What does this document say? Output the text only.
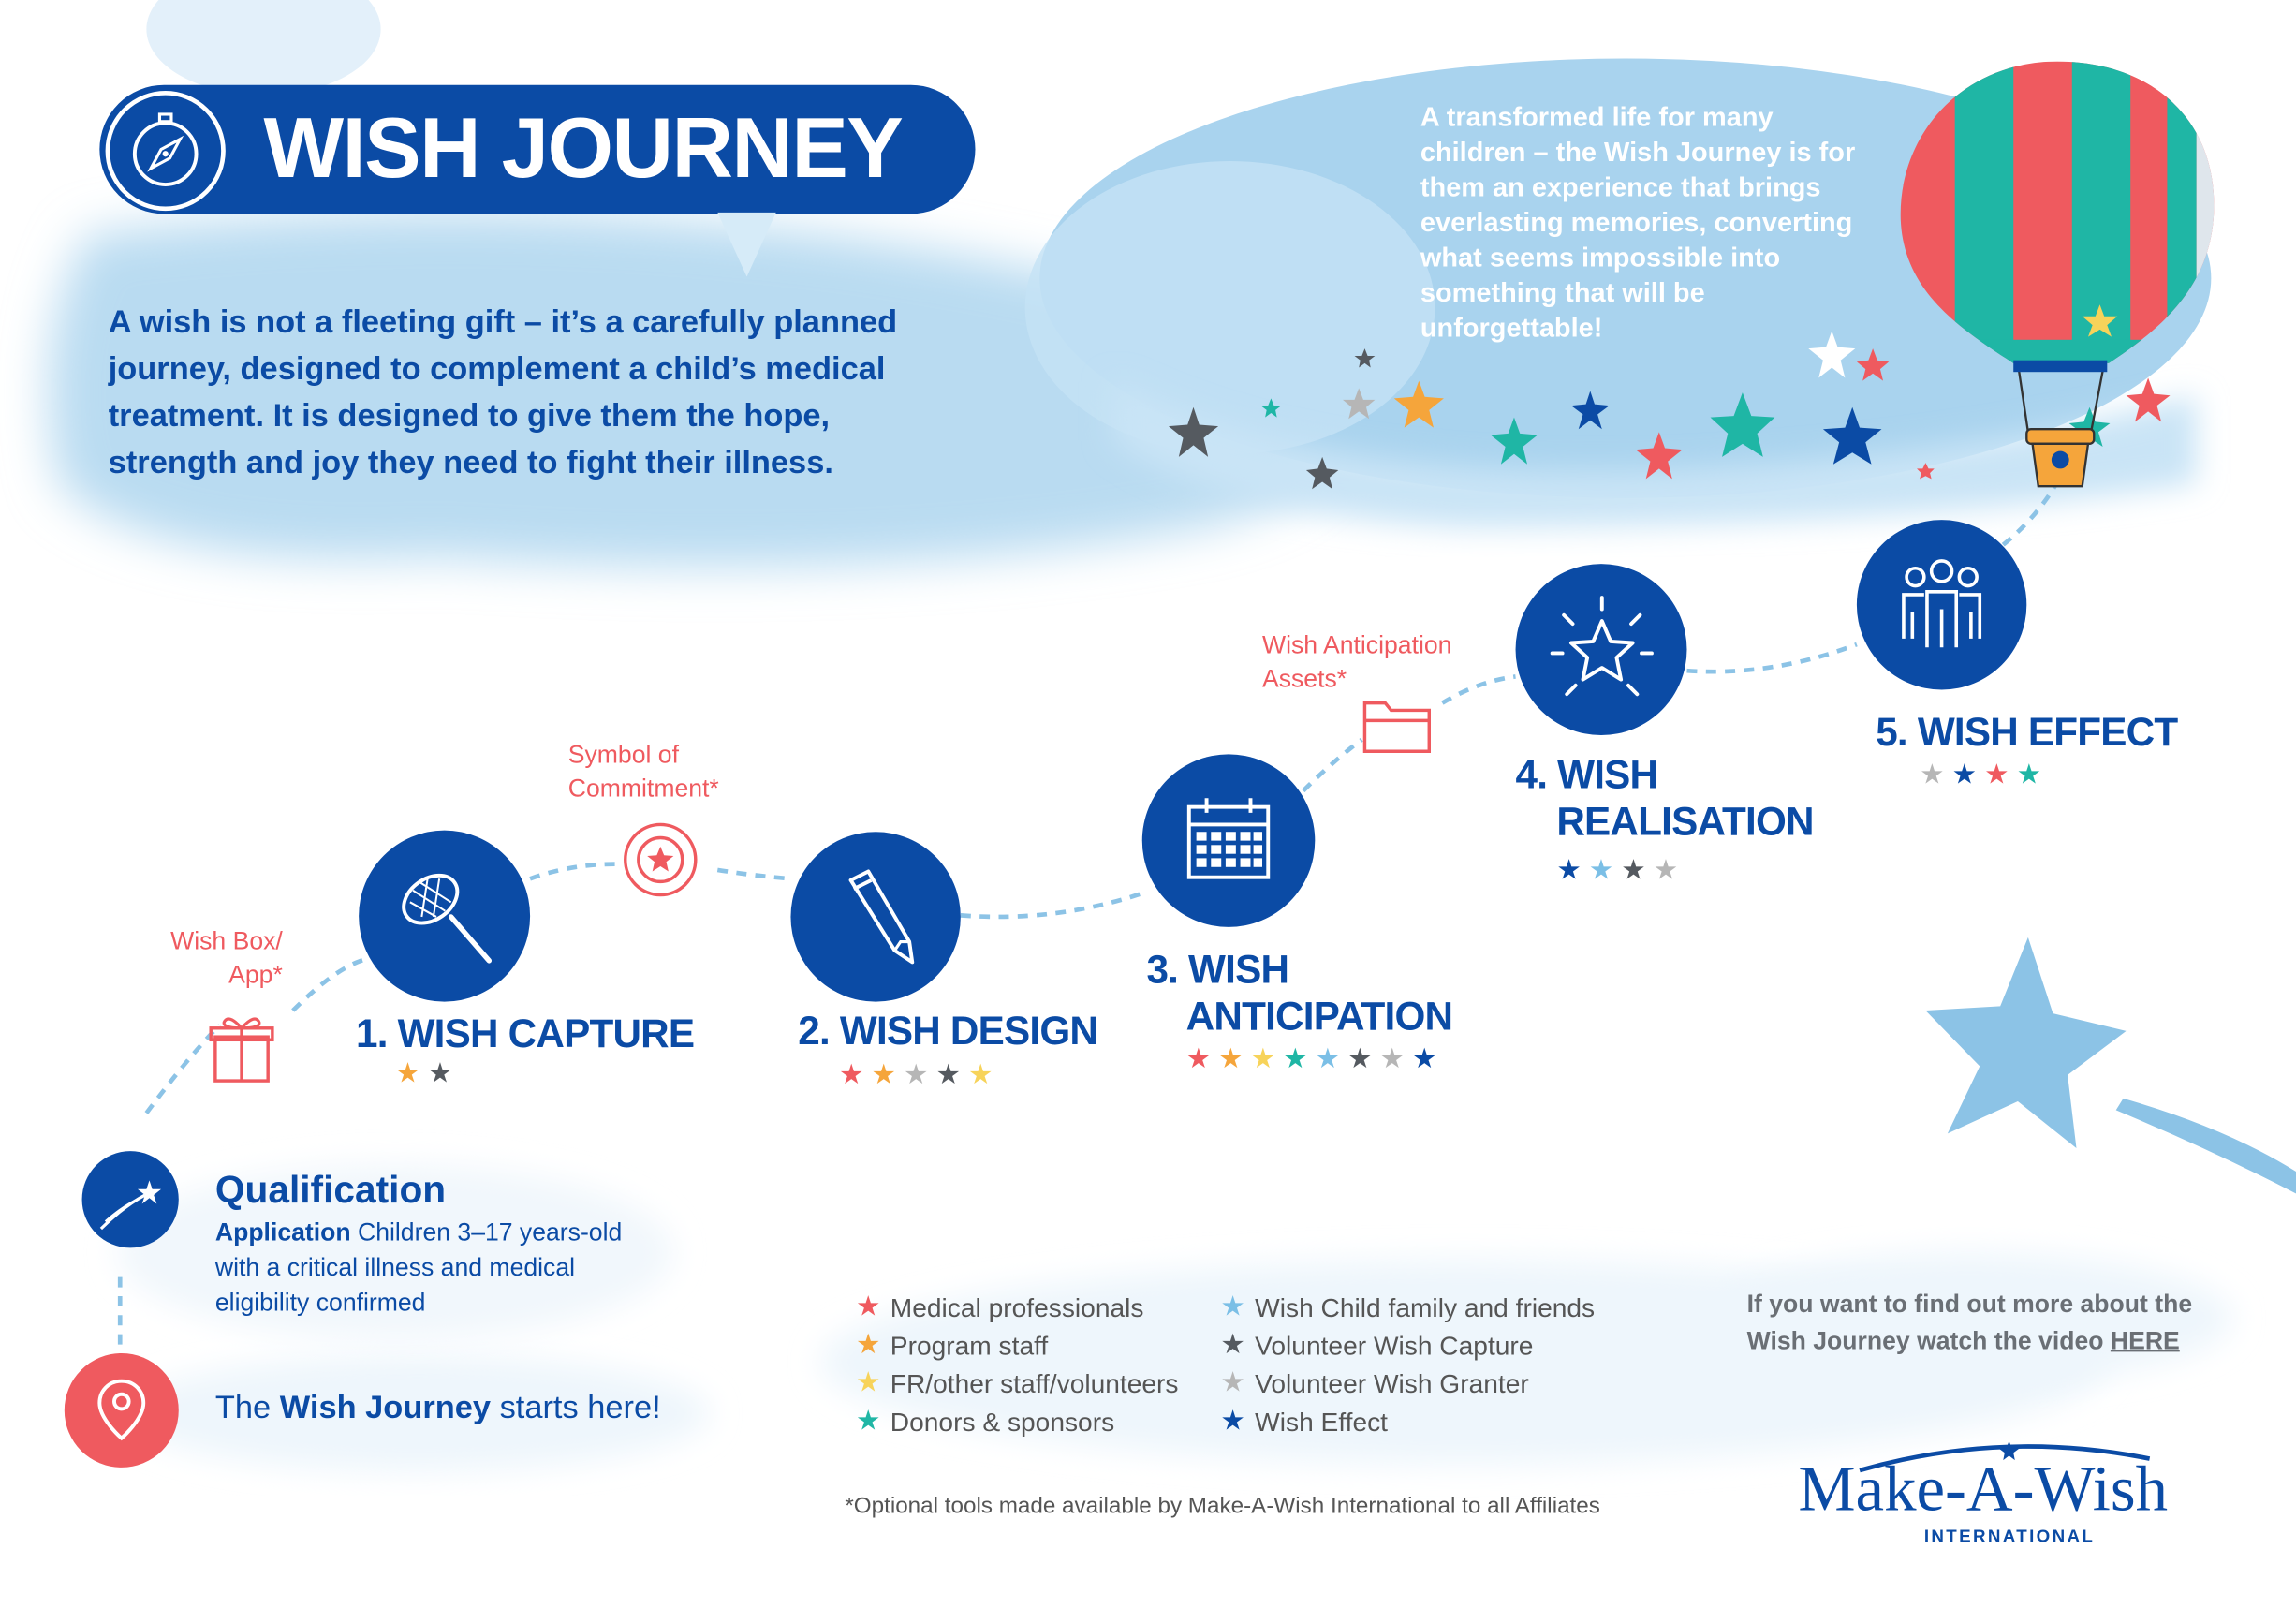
WISH JOURNEY
A wish is not a fleeting gift – it’s a carefully planned journey, designed to complement a child’s medical treatment. It is designed to give them the hope, strength and joy they need to fight their illness.
A transformed life for many children – the Wish Journey is for them an experience that brings everlasting memories, converting what seems impossible into something that will be unforgettable!
The Wish Journey starts here!
Qualification
Application Children 3–17 years-old with a critical illness and medical eligibility confirmed
Wish Box/ App*
Symbol of Commitment*
Wish Anticipation Assets*
1. WISH CAPTURE
★ ★
2. WISH DESIGN
★ ★ ★ ★ ★
3. WISH
ANTICIPATION
★ ★ ★ ★ ★ ★ ★ ★
4. WISH
REALISATION
★ ★ ★ ★
5. WISH EFFECT
★ ★ ★ ★
★ Medical professionals
★ Program staff
★ FR/other staff/volunteers
★ Donors & sponsors
★ Wish Child family and friends
★ Volunteer Wish Capture
★ Volunteer Wish Granter
★ Wish Effect
If you want to find out more about the Wish Journey watch the video HERE
*Optional tools made available by Make-A-Wish International to all Affiliates	Make-A-Wish
INTERNATIONAL
